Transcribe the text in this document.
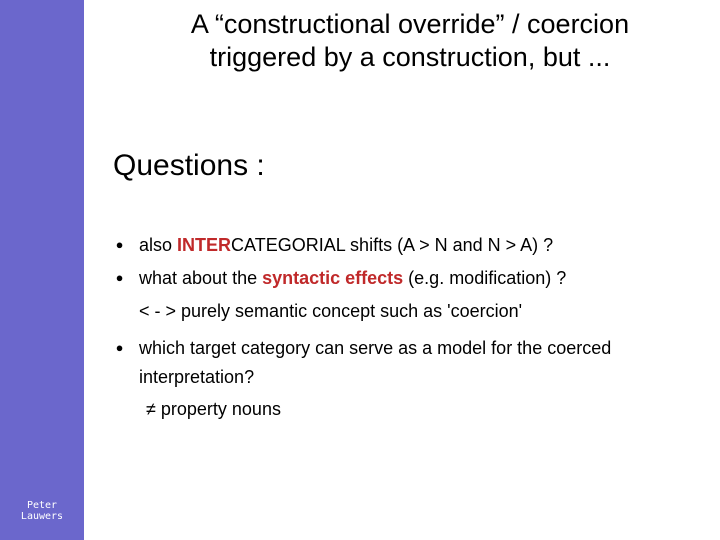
Peter
Lauwers
A “constructional override” / coercion
triggered by a construction, but ...
Questions :
● also INTERCATEGORIAL shifts (A > N and N > A) ?
● what about the syntactic effects (e.g. modification) ?
< - > purely semantic concept such as 'coercion'
● which target category can serve as a model for the coerced
interpretation?
≠ property nouns
